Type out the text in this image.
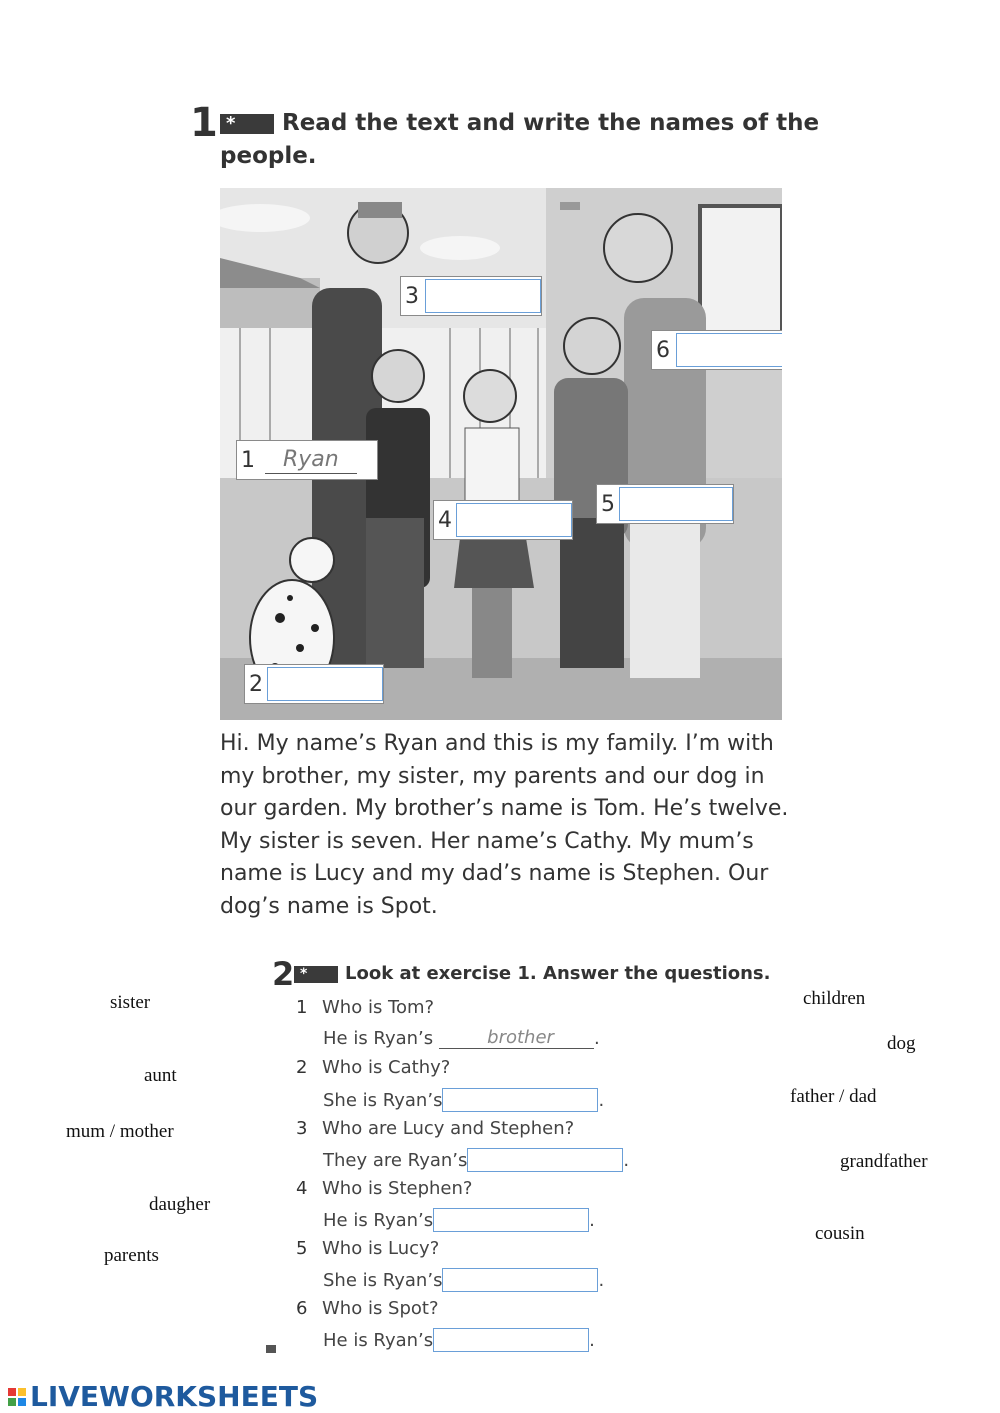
1 *	Read the text and write the names of the
people.
3
6
1	Ryan
5
4
2
Hi. My name’s Ryan and this is my family. I’m with
my brother, my sister, my parents and our dog in
our garden. My brother’s name is Tom. He’s twelve.
My sister is seven. Her name’s Cathy. My mum’s
name is Lucy and my dad’s name is Stephen. Our
dog’s name is Spot.
2 *	Look at exercise 1. Answer the questions.
1 Who is Tom?
He is Ryan’s	brother	.
2 Who is Cathy?
She is Ryan’s	.
3 Who are Lucy and Stephen?
They are Ryan’s	.
4 Who is Stephen?
He is Ryan’s	.
5 Who is Lucy?
She is Ryan’s	.
6 Who is Spot?
He is Ryan’s	.
sister
aunt
mum / mother
daugher
parents
children
dog
father / dad
grandfather
cousin
LIVEWORKSHEETS
